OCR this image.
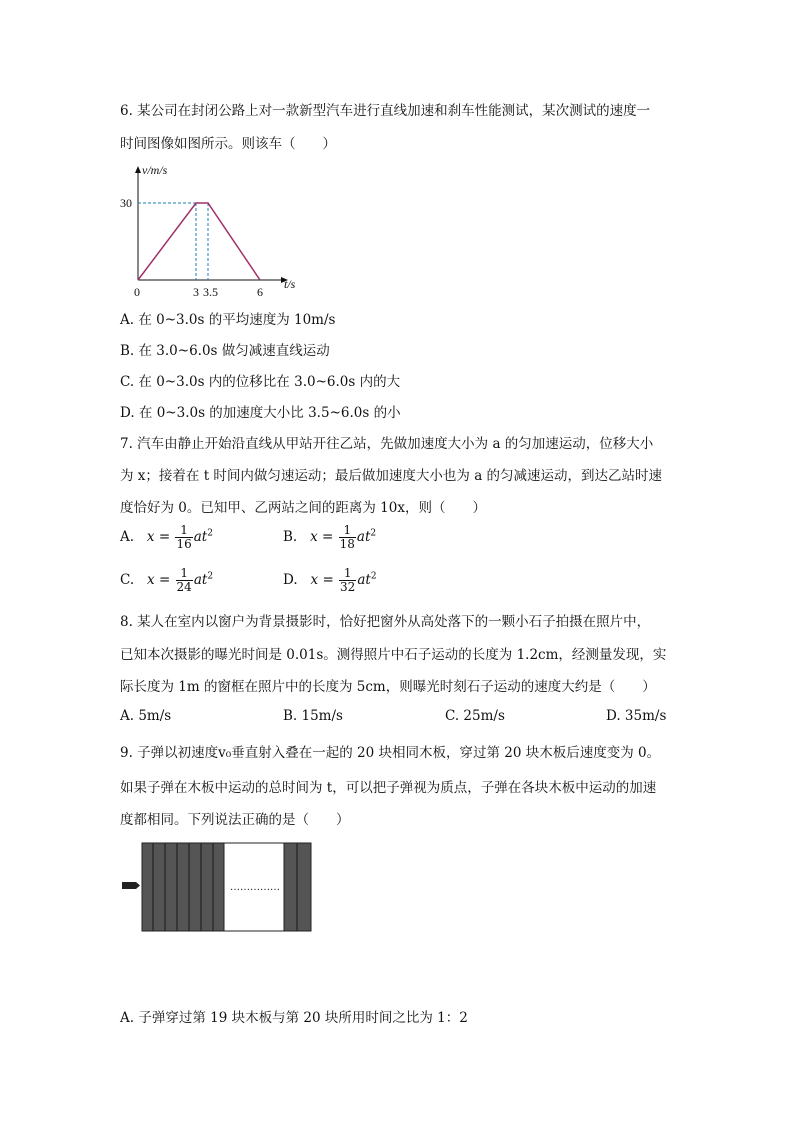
6. 某公司在封闭公路上对一款新型汽车进行直线加速和刹车性能测试，某次测试的速度一
时间图像如图所示。则该车（　　）
v/m/s
t/s
30
0	3 3.5	6
A. 在 0~3.0s 的平均速度为 10m/s
B. 在 3.0~6.0s 做匀减速直线运动
C. 在 0~3.0s 内的位移比在 3.0~6.0s 内的大
D. 在 0~3.0s 的加速度大小比 3.5~6.0s 的小
7. 汽车由静止开始沿直线从甲站开往乙站，先做加速度大小为 a 的匀加速运动，位移大小
为 x；接着在 t 时间内做匀速运动；最后做加速度大小也为 a 的匀减速运动，到达乙站时速
度恰好为 0。已知甲、乙两站之间的距离为 10x，则（　　）
A. $x = \frac{1}{16} at^2$	B. $x = \frac{1}{18} at^2$
C. $x = \frac{1}{24} at^2$	D. $x = \frac{1}{32} at^2$
8. 某人在室内以窗户为背景摄影时，恰好把窗外从高处落下的一颗小石子拍摄在照片中，
已知本次摄影的曝光时间是 0.01s。测得照片中石子运动的长度为 1.2cm，经测量发现，实
际长度为 1m 的窗框在照片中的长度为 5cm，则曝光时刻石子运动的速度大约是（　　）
A. 5m/s	B. 15m/s	C. 25m/s	D. 35m/s
9. 子弹以初速度v₀垂直射入叠在一起的 20 块相同木板，穿过第 20 块木板后速度变为 0。
如果子弹在木板中运动的总时间为 t，可以把子弹视为质点，子弹在各块木板中运动的加速
度都相同。下列说法正确的是（　　）
……………
A. 子弹穿过第 19 块木板与第 20 块所用时间之比为 1：2
